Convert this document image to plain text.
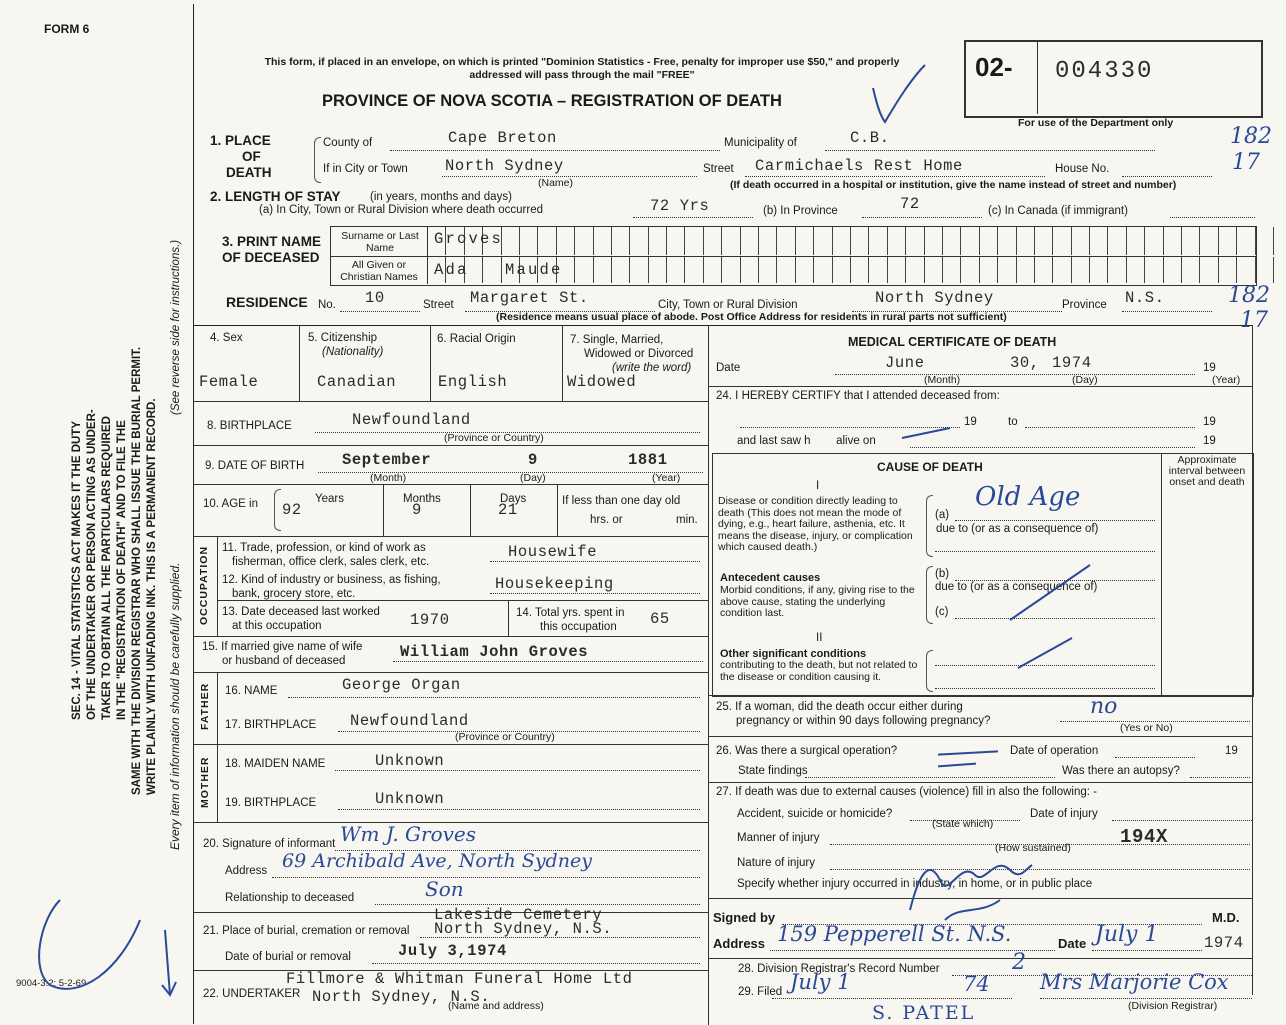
FORM 6
9004-3.2: 5-2-69
SEC. 14 - VITAL STATISTICS ACT MAKES IT THE DUTY OF THE UNDERTAKER OR PERSON ACTING AS UNDER- TAKER TO OBTAIN ALL THE PARTICULARS REQUIRED IN THE "REGISTRATION OF DEATH" AND TO FILE THE SAME WITH THE DIVISION REGISTRAR WHO SHALL ISSUE THE BURIAL PERMIT. WRITE PLAINLY WITH UNFADING INK. THIS IS A PERMANENT RECORD. Every item of information should be carefully supplied.
(See reverse side for instructions.)
This form, if placed in an envelope, on which is printed "Dominion Statistics - Free, penalty for improper use $50," and properly addressed will pass through the mail "FREE"
PROVINCE OF NOVA SCOTIA – REGISTRATION OF DEATH
02- 004330
For use of the Department only
182
17
1. PLACE
OF
DEATH
County of	Cape Breton	Municipality of	C.B.
If in City or Town North Sydney
(Name)
Street Carmichaels Rest Home	House No.
(If death occurred in a hospital or institution, give the name instead of street and number)
2. LENGTH OF STAY	(in years, months and days)
(a) In City, Town or Rural Division where death occurred	72 Yrs	(b) In Province	72	(c) In Canada (if immigrant)
3. PRINT NAME
OF DECEASED
Surname or Last Name
All Given or Christian Names
Groves
Ada Maude
RESIDENCE No. 10	Street Margaret St.	City, Town or Rural Division	North Sydney	Province N.S.
(Residence means usual place of abode. Post Office Address for residents in rural parts not sufficient)
182
17
4. Sex
Female
5. Citizenship
(Nationality)
Canadian
6. Racial Origin
English
7. Single, Married,
Widowed or Divorced
(write the word)
Widowed
8. BIRTHPLACE	Newfoundland
(Province or Country)
9. DATE OF BIRTH September	9	1881
(Month)	(Day)	(Year)
10. AGE in	Years
92
Months
9
Days
21	If less than one day old
hrs. or	min.
OCCUPATION 11. Trade, profession, or kind of work as
fisherman, office clerk, sales clerk, etc.
Housewife
12. Kind of industry or business, as fishing,
bank, grocery store, etc.
Housekeeping
13. Date deceased last worked
at this occupation	1970	14. Total yrs. spent in
this occupation	65
15. If married give name of wife
or husband of deceased	William John Groves
FATHER 16. NAME	George Organ
17. BIRTHPLACE Newfoundland
(Province or Country)
MOTHER 18. MAIDEN NAME	Unknown
19. BIRTHPLACE	Unknown
20. Signature of informant Wm J. Groves
Address 69 Archibald Ave, North Sydney
Relationship to deceased	Son
21. Place of burial, cremation or removal
Lakeside Cemetery
North Sydney, N.S.
Date of burial or removal	July 3,1974
22. UNDERTAKER
Fillmore & Whitman Funeral Home Ltd
North Sydney, N.S.
(Name and address)
MEDICAL CERTIFICATE OF DEATH
Date	June	30, 1974	19
(Month)	(Day)	(Year)
24. I HEREBY CERTIFY that I attended deceased from:
19	to	19
and last saw h        alive on	19
CAUSE OF DEATH	Approximate interval between onset and death
I
Disease or condition directly leading to death (This does not mean the mode of dying, e.g., heart failure, asthenia, etc. It means the disease, injury, or complication which caused death.)
(a)
Old Age
due to (or as a consequence of)
Antecedent causes
Morbid conditions, if any, giving rise to the above cause, stating the underlying condition last.
(b)
due to (or as a consequence of)
(c)
II
Other significant conditions
contributing to the death, but not related to the disease or condition causing it.
25. If a woman, did the death occur either during
pregnancy or within 90 days following pregnancy?
no
(Yes or No)
26. Was there a surgical operation?	Date of operation	19
State findings	Was there an autopsy?
27. If death was due to external causes (violence) fill in also the following: -
Accident, suicide or homicide?
(State which)
Date of injury
Manner of injury	194X
(How sustained)
Nature of injury
Specify whether injury occurred in industry, in home, or in public place
Signed by	M.D.
Address 159 Pepperell St. N.S.	Date July 1	1974
28. Division Registrar's Record Number	2
29. Filed July 1	74 Mrs Marjorie Cox
(Division Registrar)
S. PATEL
